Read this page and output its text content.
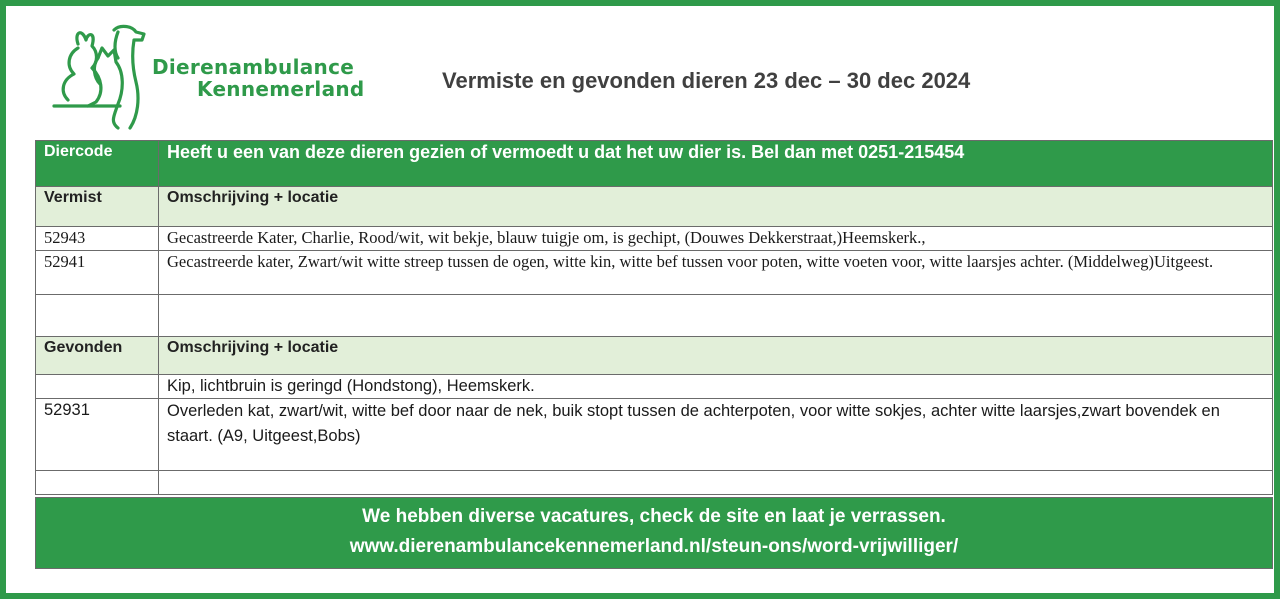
Dierenambulance
Kennemerland	Vermiste en gevonden dieren 23 dec – 30 dec 2024
Diercode	Heeft u een van deze dieren gezien of vermoedt u dat het uw dier is. Bel dan met 0251-215454
Vermist	Omschrijving + locatie
52943	Gecastreerde Kater, Charlie, Rood/wit, wit bekje, blauw tuigje om, is gechipt, (Douwes Dekkerstraat,)Heemskerk.,
52941	Gecastreerde kater, Zwart/wit witte streep tussen de ogen, witte kin, witte bef tussen voor poten, witte voeten voor, witte laarsjes achter. (Middelweg)Uitgeest.

Gevonden	Omschrijving + locatie
	Kip, lichtbruin is geringd (Hondstong), Heemskerk.
52931	Overleden kat, zwart/wit, witte bef door naar de nek, buik stopt tussen de achterpoten, voor witte sokjes, achter witte laarsjes,zwart bovendek en staart. (A9, Uitgeest,Bobs)

We hebben diverse vacatures, check de site en laat je verrassen.
www.dierenambulancekennemerland.nl/steun-ons/word-vrijwilliger/
